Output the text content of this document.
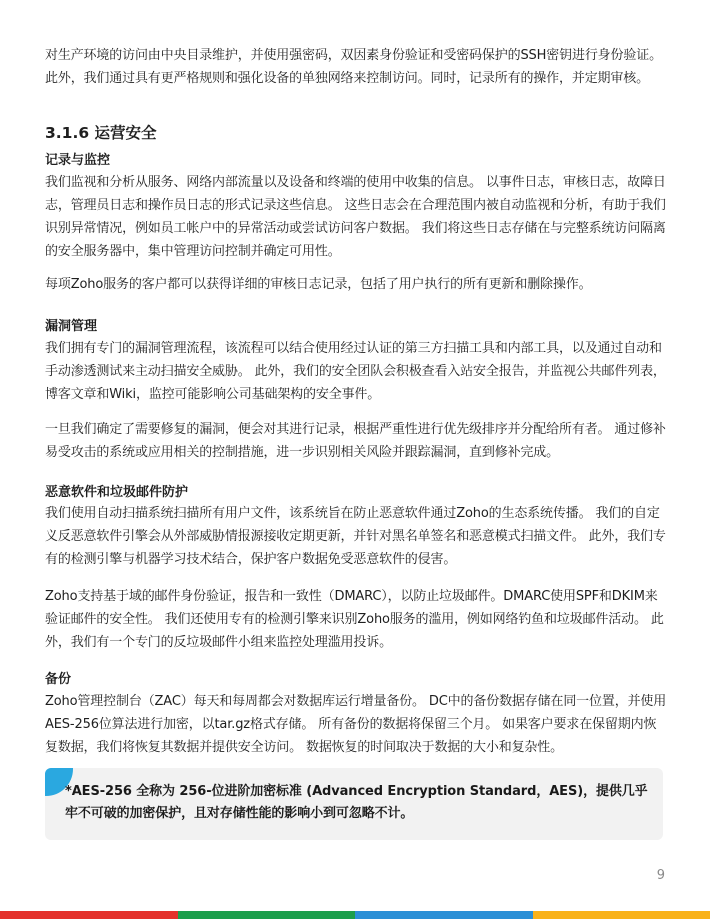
对生产环境的访问由中央目录维护，并使用强密码，双因素身份验证和受密码保护的SSH密钥进行身份验证。此外，我们通过具有更严格规则和强化设备的单独网络来控制访问。同时，记录所有的操作，并定期审核。

3.1.6 运营安全
记录与监控

我们监视和分析从服务、网络内部流量以及设备和终端的使用中收集的信息。 以事件日志，审核日志，故障日志，管理员日志和操作员日志的形式记录这些信息。 这些日志会在合理范围内被自动监视和分析，有助于我们识别异常情况，例如员工帐户中的异常活动或尝试访问客户数据。 我们将这些日志存储在与完整系统访问隔离的安全服务器中，集中管理访问控制并确定可用性。

每项Zoho服务的客户都可以获得详细的审核日志记录，包括了用户执行的所有更新和删除操作。

漏洞管理

我们拥有专门的漏洞管理流程，该流程可以结合使用经过认证的第三方扫描工具和内部工具，以及通过自动和手动渗透测试来主动扫描安全威胁。 此外，我们的安全团队会积极查看入站安全报告，并监视公共邮件列表，博客文章和Wiki，监控可能影响公司基础架构的安全事件。

一旦我们确定了需要修复的漏洞，便会对其进行记录，根据严重性进行优先级排序并分配给所有者。 通过修补易受攻击的系统或应用相关的控制措施，进一步识别相关风险并跟踪漏洞，直到修补完成。

恶意软件和垃圾邮件防护

我们使用自动扫描系统扫描所有用户文件，该系统旨在防止恶意软件通过Zoho的生态系统传播。 我们的自定义反恶意软件引擎会从外部威胁情报源接收定期更新，并针对黑名单签名和恶意模式扫描文件。 此外，我们专有的检测引擎与机器学习技术结合，保护客户数据免受恶意软件的侵害。

Zoho支持基于域的邮件身份验证，报告和一致性（DMARC），以防止垃圾邮件。DMARC使用SPF和DKIM来验证邮件的安全性。 我们还使用专有的检测引擎来识别Zoho服务的滥用，例如网络钓鱼和垃圾邮件活动。 此外，我们有一个专门的反垃圾邮件小组来监控处理滥用投诉。

备份

Zoho管理控制台（ZAC）每天和每周都会对数据库运行增量备份。 DC中的备份数据存储在同一位置，并使用AES-256位算法进行加密，以tar.gz格式存储。 所有备份的数据将保留三个月。 如果客户要求在保留期内恢复数据，我们将恢复其数据并提供安全访问。 数据恢复的时间取决于数据的大小和复杂性。

*AES-256 全称为 256-位进阶加密标准 (Advanced Encryption Standard，AES)，提供几乎牢不可破的加密保护，且对存储性能的影响小到可忽略不计。

9
